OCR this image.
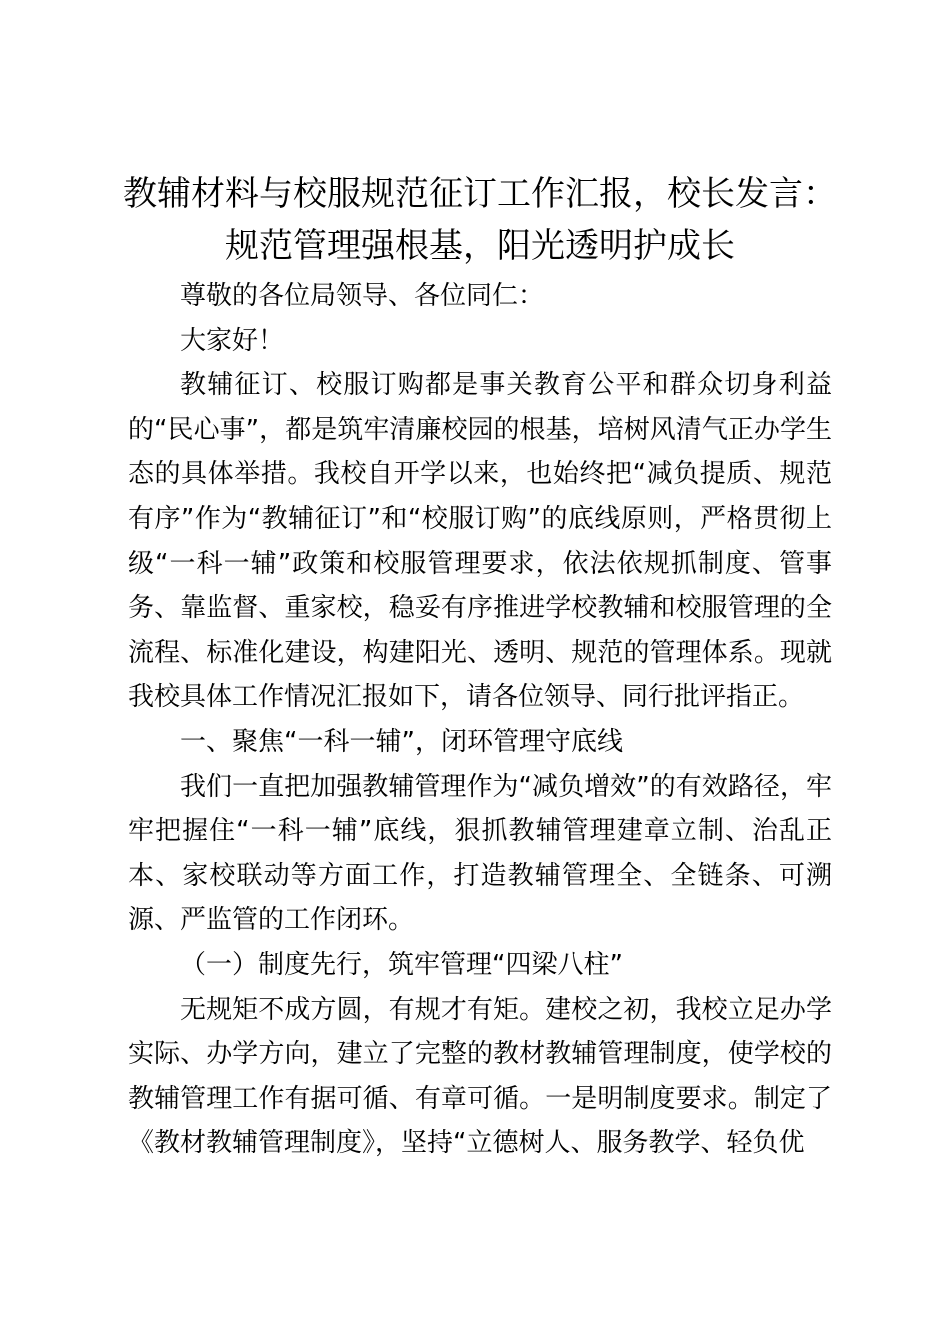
教辅材料与校服规范征订工作汇报，校长发言：
规范管理强根基，阳光透明护成长

尊敬的各位局领导、各位同仁：

大家好！

教辅征订、校服订购都是事关教育公平和群众切身利益的“民心事”，都是筑牢清廉校园的根基，培树风清气正办学生态的具体举措。我校自开学以来，也始终把“减负提质、规范有序”作为“教辅征订”和“校服订购”的底线原则，严格贯彻上级“一科一辅”政策和校服管理要求，依法依规抓制度、管事务、靠监督、重家校，稳妥有序推进学校教辅和校服管理的全流程、标准化建设，构建阳光、透明、规范的管理体系。现就我校具体工作情况汇报如下，请各位领导、同行批评指正。

一、聚焦“一科一辅”，闭环管理守底线

我们一直把加强教辅管理作为“减负增效”的有效路径，牢牢把握住“一科一辅”底线，狠抓教辅管理建章立制、治乱正本、家校联动等方面工作，打造教辅管理全、全链条、可溯源、严监管的工作闭环。

（一）制度先行，筑牢管理“四梁八柱”

无规矩不成方圆，有规才有矩。建校之初，我校立足办学实际、办学方向，建立了完整的教材教辅管理制度，使学校的教辅管理工作有据可循、有章可循。一是明制度要求。制定了《教材教辅管理制度》，坚持“立德树人、服务教学、轻负优
